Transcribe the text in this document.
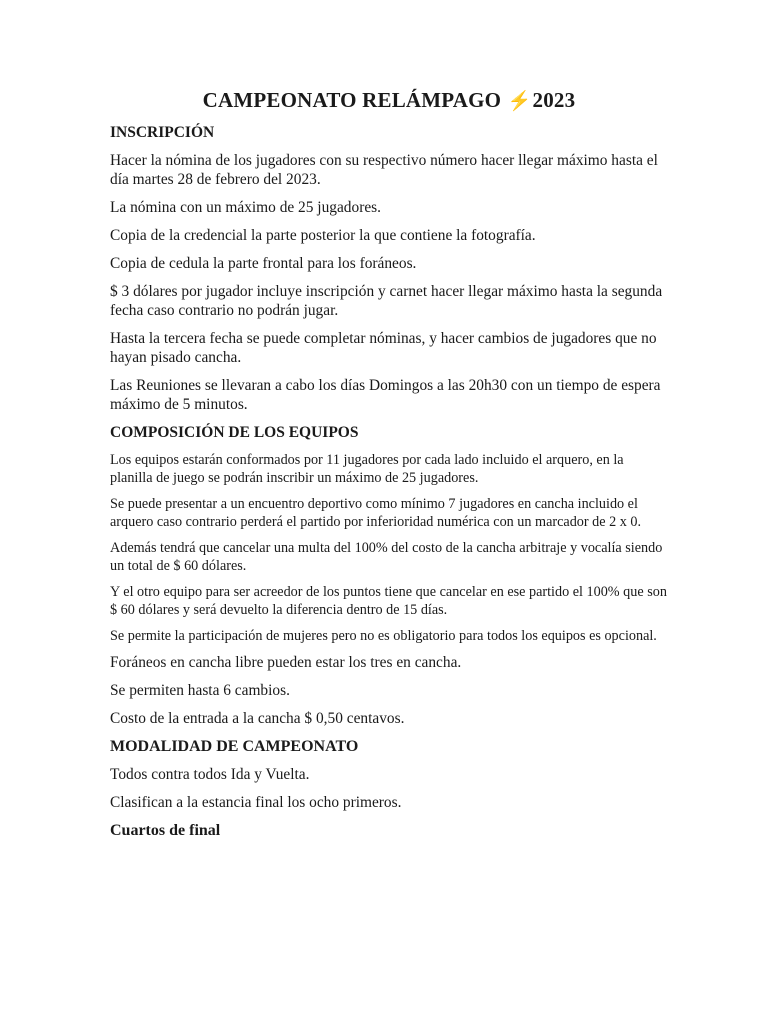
CAMPEONATO RELÁMPAGO ⚡2023
INSCRIPCIÓN

Hacer la nómina de los jugadores con su respectivo número hacer llegar máximo hasta el día martes 28 de febrero del 2023.

La nómina con un máximo de 25 jugadores.

Copia de la credencial la parte posterior la que contiene la fotografía.

Copia de cedula la parte frontal para los foráneos.

$ 3 dólares por jugador incluye inscripción y carnet hacer llegar máximo hasta la segunda fecha caso contrario no podrán jugar.

Hasta la tercera fecha se puede completar nóminas, y hacer cambios de jugadores que no hayan pisado cancha.

Las Reuniones se llevaran a cabo los días Domingos a las 20h30 con un tiempo de espera máximo de 5 minutos.

COMPOSICIÓN DE LOS EQUIPOS

Los equipos estarán conformados por 11 jugadores por cada lado incluido el arquero, en la planilla de juego se podrán inscribir un máximo de 25 jugadores.

Se puede presentar a un encuentro deportivo como mínimo 7 jugadores en cancha incluido el arquero caso contrario perderá el partido por inferioridad numérica con un marcador de 2 x 0.

Además tendrá que cancelar una multa del 100% del costo de la cancha arbitraje y vocalía siendo un total de $ 60 dólares.

Y el otro equipo para ser acreedor de los puntos tiene que cancelar en ese partido el 100% que son $ 60 dólares y será devuelto la diferencia dentro de 15 días.

Se permite la participación de mujeres pero no es obligatorio para todos los equipos es opcional.

Foráneos en cancha libre pueden estar los tres en cancha.

Se permiten hasta 6 cambios.

Costo de la entrada a la cancha $ 0,50 centavos.

MODALIDAD DE CAMPEONATO

Todos contra todos Ida y Vuelta.

Clasifican a la estancia final los ocho primeros.

Cuartos de final
